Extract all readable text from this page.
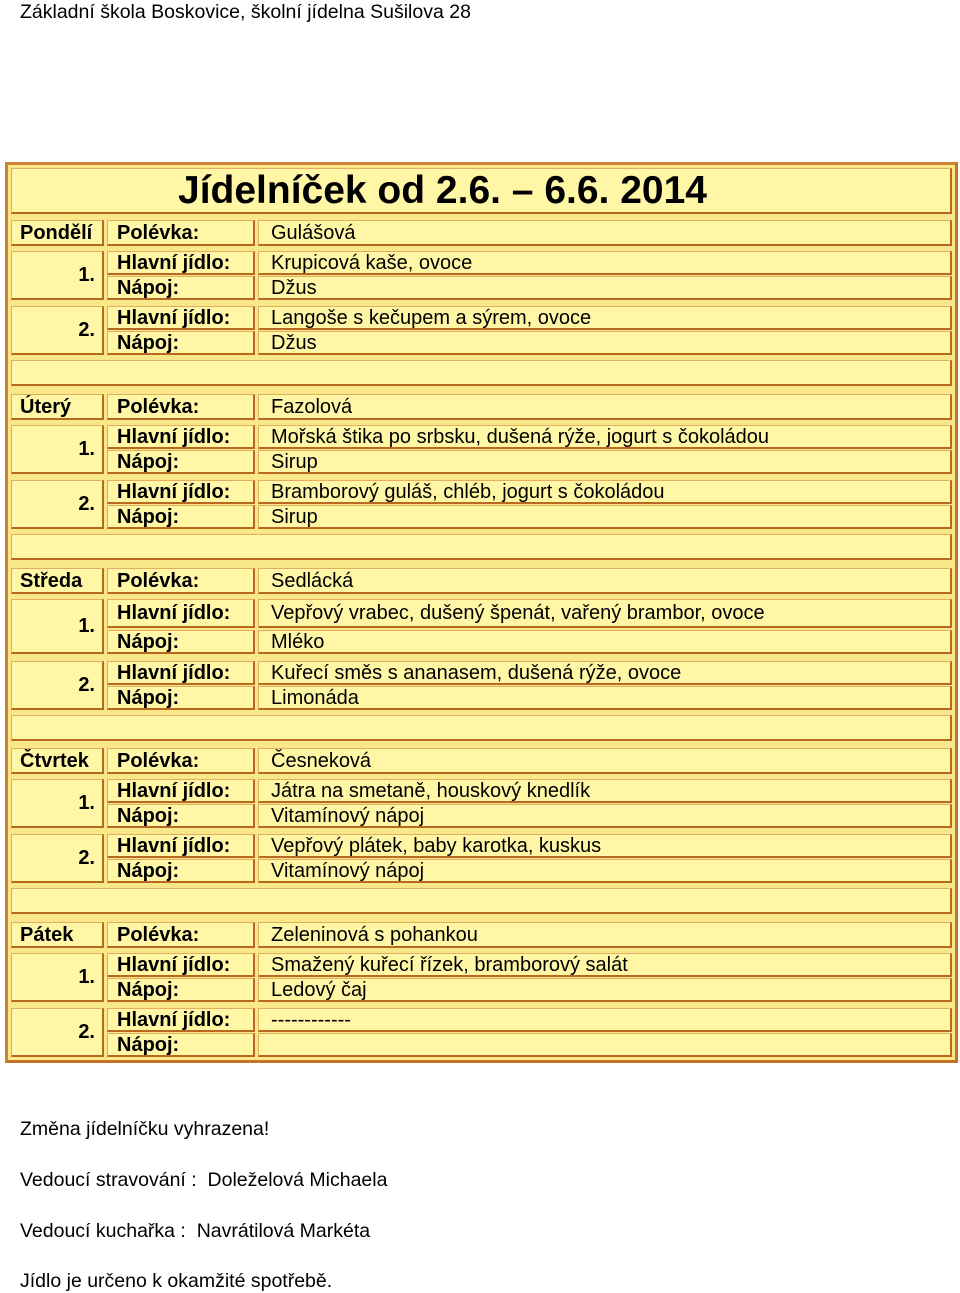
Základní škola Boskovice, školní jídelna Sušilova 28
Jídelníček od 2.6. – 6.6. 2014
Pondělí	Polévka:	Gulášová
1.
Hlavní jídlo:	Krupicová kaše, ovoce
Nápoj:	Džus
2.
Hlavní jídlo:	Langoše s kečupem a sýrem, ovoce
Nápoj:	Džus
Úterý	Polévka:	Fazolová
1.
Hlavní jídlo:	Mořská štika po srbsku, dušená rýže, jogurt s čokoládou
Nápoj:	Sirup
2.
Hlavní jídlo:	Bramborový guláš, chléb, jogurt s čokoládou
Nápoj:	Sirup
Středa	Polévka:	Sedlácká
1.
Hlavní jídlo:	Vepřový vrabec, dušený špenát, vařený brambor, ovoce
Nápoj:	Mléko
2.
Hlavní jídlo:	Kuřecí směs s ananasem, dušená rýže, ovoce
Nápoj:	Limonáda
Čtvrtek	Polévka:	Česneková
1.
Hlavní jídlo:	Játra na smetaně, houskový knedlík
Nápoj:	Vitamínový nápoj
2.
Hlavní jídlo:	Vepřový plátek, baby karotka, kuskus
Nápoj:	Vitamínový nápoj
Pátek	Polévka:	Zeleninová s pohankou
1.
Hlavní jídlo:	Smažený kuřecí řízek, bramborový salát
Nápoj:	Ledový čaj
2.
Hlavní jídlo:	------------
Nápoj:
Změna jídelníčku vyhrazena!
Vedoucí stravování :  Doleželová Michaela
Vedoucí kuchařka :  Navrátilová Markéta
Jídlo je určeno k okamžité spotřebě.
